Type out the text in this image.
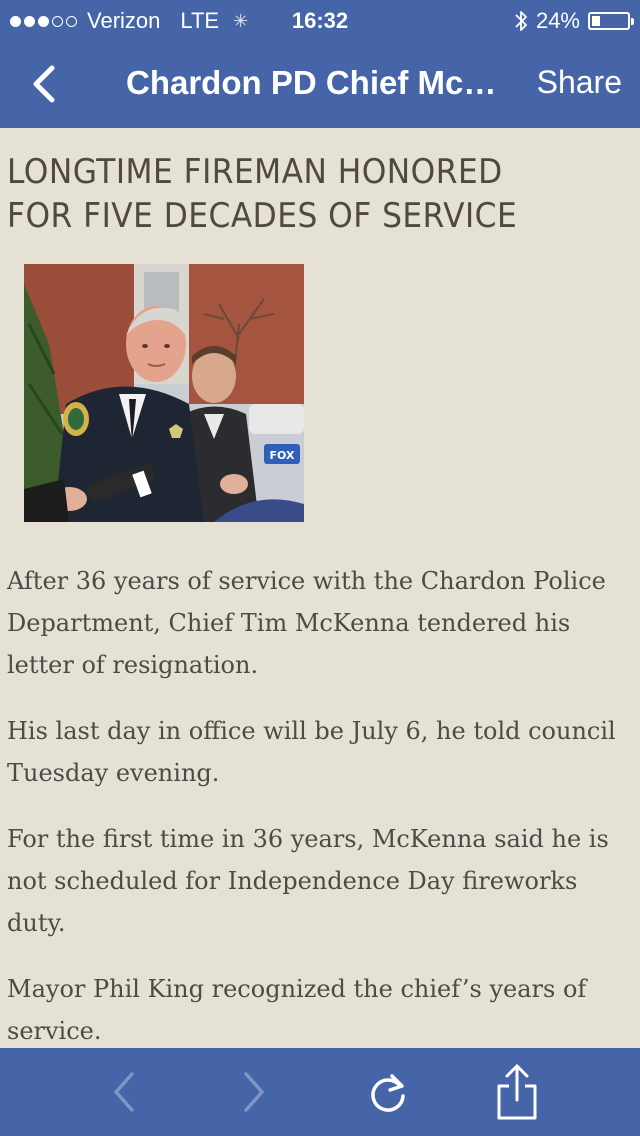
Verizon LTE ✳	16:32	24%
Chardon PD Chief Mc…	Share
LONGTIME FIREMAN HONORED FOR FIVE DECADES OF SERVICE
FOX

After 36 years of service with the Chardon Police Department, Chief Tim McKenna tendered his letter of resignation.

His last day in office will be July 6, he told council Tuesday evening.

For the first time in 36 years, McKenna said he is not scheduled for Independence Day fireworks duty.

Mayor Phil King recognized the chief’s years of service.
